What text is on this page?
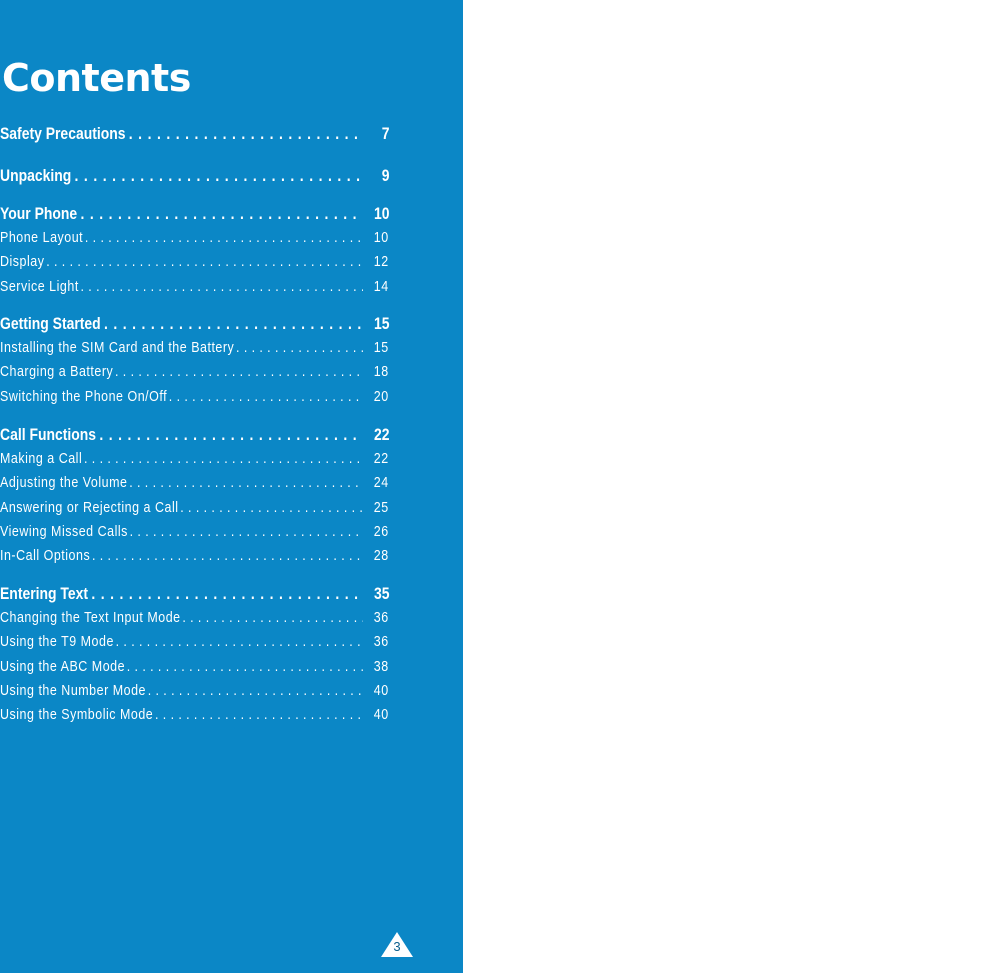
Contents
Safety Precautions . . .	7
Unpacking . . .	9
Your Phone . . .	10
Phone Layout . . .	10
Display . . .	12
Service Light . . .	14
Getting Started . . .	15
Installing the SIM Card and the Battery . . .	15
Charging a Battery . . .	18
Switching the Phone On/Off . . .	20
Call Functions . . .	22
Making a Call . . .	22
Adjusting the Volume . . .	24
Answering or Rejecting a Call . . .	25
Viewing Missed Calls . . .	26
In-Call Options . . .	28
Entering Text . . .	35
Changing the Text Input Mode . . .	36
Using the T9 Mode . . .	36
Using the ABC Mode . . .	38
Using the Number Mode . . .	40
Using the Symbolic Mode . . .	40
3
